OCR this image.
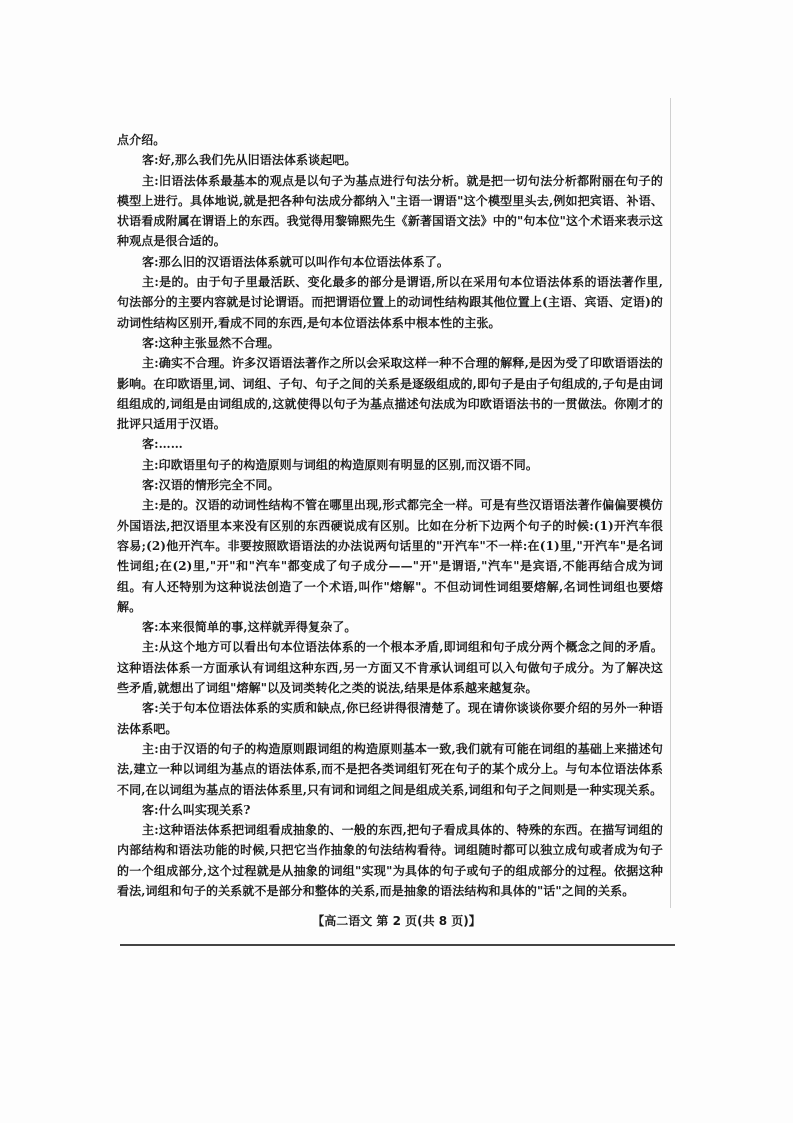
点介绍。

客:好,那么我们先从旧语法体系谈起吧。

主:旧语法体系最基本的观点是以句子为基点进行句法分析。就是把一切句法分析都附丽在句子的模型上进行。具体地说,就是把各种句法成分都纳入"主语一谓语"这个模型里头去,例如把宾语、补语、状语看成附属在谓语上的东西。我觉得用黎锦熙先生《新著国语文法》中的"句本位"这个术语来表示这种观点是很合适的。

客:那么旧的汉语语法体系就可以叫作句本位语法体系了。

主:是的。由于句子里最活跃、变化最多的部分是谓语,所以在采用句本位语法体系的语法著作里,句法部分的主要内容就是讨论谓语。而把谓语位置上的动词性结构跟其他位置上(主语、宾语、定语)的动词性结构区别开,看成不同的东西,是句本位语法体系中根本性的主张。

客:这种主张显然不合理。

主:确实不合理。许多汉语语法著作之所以会采取这样一种不合理的解释,是因为受了印欧语语法的影响。在印欧语里,词、词组、子句、句子之间的关系是逐级组成的,即句子是由子句组成的,子句是由词组组成的,词组是由词组成的,这就使得以句子为基点描述句法成为印欧语语法书的一贯做法。你刚才的批评只适用于汉语。

客:……

主:印欧语里句子的构造原则与词组的构造原则有明显的区别,而汉语不同。

客:汉语的情形完全不同。

主:是的。汉语的动词性结构不管在哪里出现,形式都完全一样。可是有些汉语语法著作偏偏要模仿外国语法,把汉语里本来没有区别的东西硬说成有区别。比如在分析下边两个句子的时候:(1)开汽车很容易;(2)他开汽车。非要按照欧语语法的办法说两句话里的"开汽车"不一样:在(1)里,"开汽车"是名词性词组;在(2)里,"开"和"汽车"都变成了句子成分——"开"是谓语,"汽车"是宾语,不能再结合成为词组。有人还特别为这种说法创造了一个术语,叫作"熔解"。不但动词性词组要熔解,名词性词组也要熔解。

客:本来很简单的事,这样就弄得复杂了。

主:从这个地方可以看出句本位语法体系的一个根本矛盾,即词组和句子成分两个概念之间的矛盾。这种语法体系一方面承认有词组这种东西,另一方面又不肯承认词组可以入句做句子成分。为了解决这些矛盾,就想出了词组"熔解"以及词类转化之类的说法,结果是体系越来越复杂。

客:关于句本位语法体系的实质和缺点,你已经讲得很清楚了。现在请你谈谈你要介绍的另外一种语法体系吧。

主:由于汉语的句子的构造原则跟词组的构造原则基本一致,我们就有可能在词组的基础上来描述句法,建立一种以词组为基点的语法体系,而不是把各类词组钉死在句子的某个成分上。与句本位语法体系不同,在以词组为基点的语法体系里,只有词和词组之间是组成关系,词组和句子之间则是一种实现关系。

客:什么叫实现关系?

主:这种语法体系把词组看成抽象的、一般的东西,把句子看成具体的、特殊的东西。在描写词组的内部结构和语法功能的时候,只把它当作抽象的句法结构看待。词组随时都可以独立成句或者成为句子的一个组成部分,这个过程就是从抽象的词组"实现"为具体的句子或句子的组成部分的过程。依据这种看法,词组和句子的关系就不是部分和整体的关系,而是抽象的语法结构和具体的"话"之间的关系。

【高二语文 第 2 页(共 8 页)】
